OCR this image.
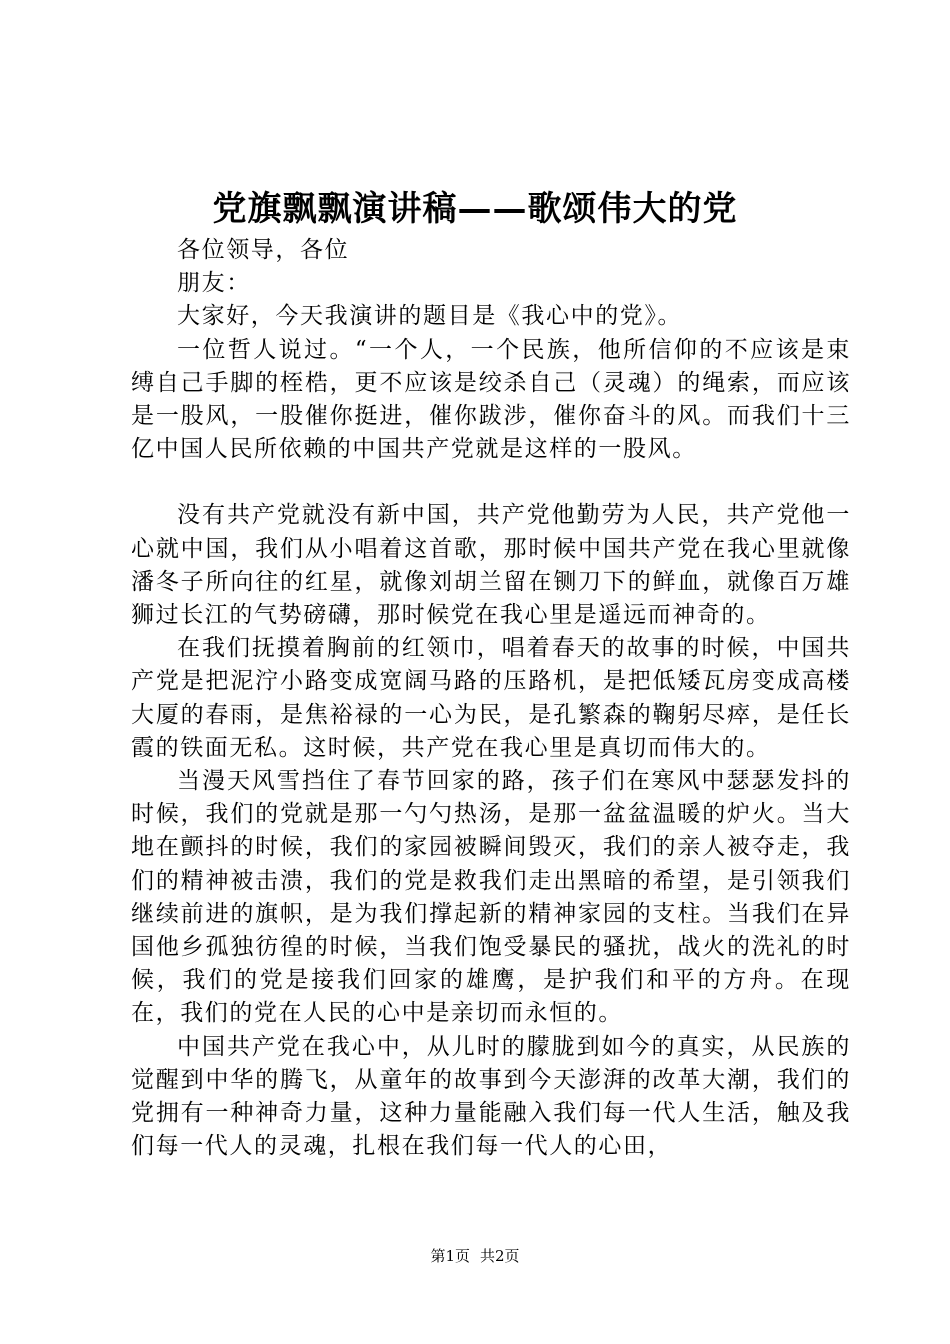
党旗飘飘演讲稿——歌颂伟大的党

各位领导，各位

朋友：

大家好，今天我演讲的题目是《我心中的党》。

一位哲人说过。“一个人，一个民族，他所信仰的不应该是束缚自己手脚的桎梏，更不应该是绞杀自己（灵魂）的绳索，而应该是一股风，一股催你挺进，催你跋涉，催你奋斗的风。而我们十三亿中国人民所依赖的中国共产党就是这样的一股风。

没有共产党就没有新中国，共产党他勤劳为人民，共产党他一心就中国，我们从小唱着这首歌，那时候中国共产党在我心里就像潘冬子所向往的红星，就像刘胡兰留在铡刀下的鲜血，就像百万雄狮过长江的气势磅礴，那时候党在我心里是遥远而神奇的。

在我们抚摸着胸前的红领巾，唱着春天的故事的时候，中国共产党是把泥泞小路变成宽阔马路的压路机，是把低矮瓦房变成高楼大厦的春雨，是焦裕禄的一心为民，是孔繁森的鞠躬尽瘁，是任长霞的铁面无私。这时候，共产党在我心里是真切而伟大的。

当漫天风雪挡住了春节回家的路，孩子们在寒风中瑟瑟发抖的时候，我们的党就是那一勺勺热汤，是那一盆盆温暖的炉火。当大地在颤抖的时候，我们的家园被瞬间毁灭，我们的亲人被夺走，我们的精神被击溃，我们的党是救我们走出黑暗的希望，是引领我们继续前进的旗帜，是为我们撑起新的精神家园的支柱。当我们在异国他乡孤独彷徨的时候，当我们饱受暴民的骚扰，战火的洗礼的时候，我们的党是接我们回家的雄鹰，是护我们和平的方舟。在现在，我们的党在人民的心中是亲切而永恒的。

中国共产党在我心中，从儿时的朦胧到如今的真实，从民族的觉醒到中华的腾飞，从童年的故事到今天澎湃的改革大潮，我们的党拥有一种神奇力量，这种力量能融入我们每一代人生活，触及我们每一代人的灵魂，扎根在我们每一代人的心田，

第1页 共2页
